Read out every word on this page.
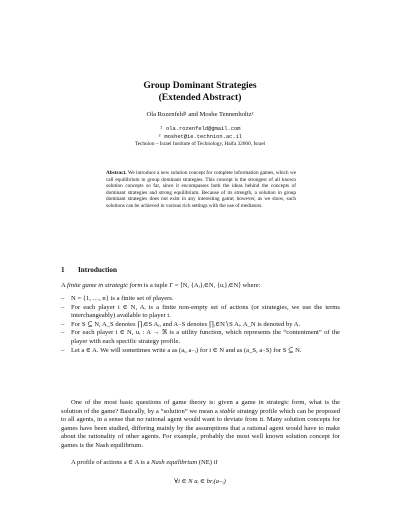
Group Dominant Strategies
(Extended Abstract)
Ola Rozenfeld¹ and Moshe Tennenholtz²
¹ ola.rozenfeld@gmail.com
² moshet@ie.technion.ac.il
Technion – Israel Institute of Technology, Haifa 32000, Israel
Abstract. We introduce a new solution concept for complete information games, which we call equilibrium in group dominant strategies. This concept is the strongest of all known solution concepts so far, since it encompasses both the ideas behind the concepts of dominant strategies and strong equilibrium. Because of its strength, a solution in group dominant strategies does not exist in any interesting game; however, as we show, such solutions can be achieved in various rich settings with the use of mediators.
1 Introduction
A finite game in strategic form is a tuple Γ = ⟨N, {Aᵢ}ᵢ∈N, {uᵢ}ᵢ∈N⟩ where:
–	N = {1, …, n} is a finite set of players.
–	For each player i ∈ N, Aᵢ is a finite non-empty set of actions (or strategies, we use the terms interchangeably) available to player i.
–	For S ⊆ N, A_S denotes ∏ᵢ∈S Aᵢ, and A₋S denotes ∏ᵢ∈N∖S Aᵢ. A_N is denoted by A.
–	For each player i ∈ N, uᵢ : A → ℜ is a utility function, which represents the “contentment” of the player with each specific strategy profile.
–	Let a ∈ A. We will sometimes write a as (aᵢ, a₋ᵢ) for i ∈ N and as (a_S, a₋S) for S ⊆ N.
One of the most basic questions of game theory is: given a game in strategic form, what is the solution of the game? Basically, by a “solution” we mean a stable strategy profile which can be proposed to all agents, in a sense that no rational agent would want to deviate from it. Many solution concepts for games have been studied, differing mainly by the assumptions that a rational agent would have to make about the rationality of other agents. For example, probably the most well known solution concept for games is the Nash equilibrium.
A profile of actions a ∈ A is a Nash equilibrium (NE) if
∀i ∈ N aᵢ ∈ brᵢ(a₋ᵢ)
